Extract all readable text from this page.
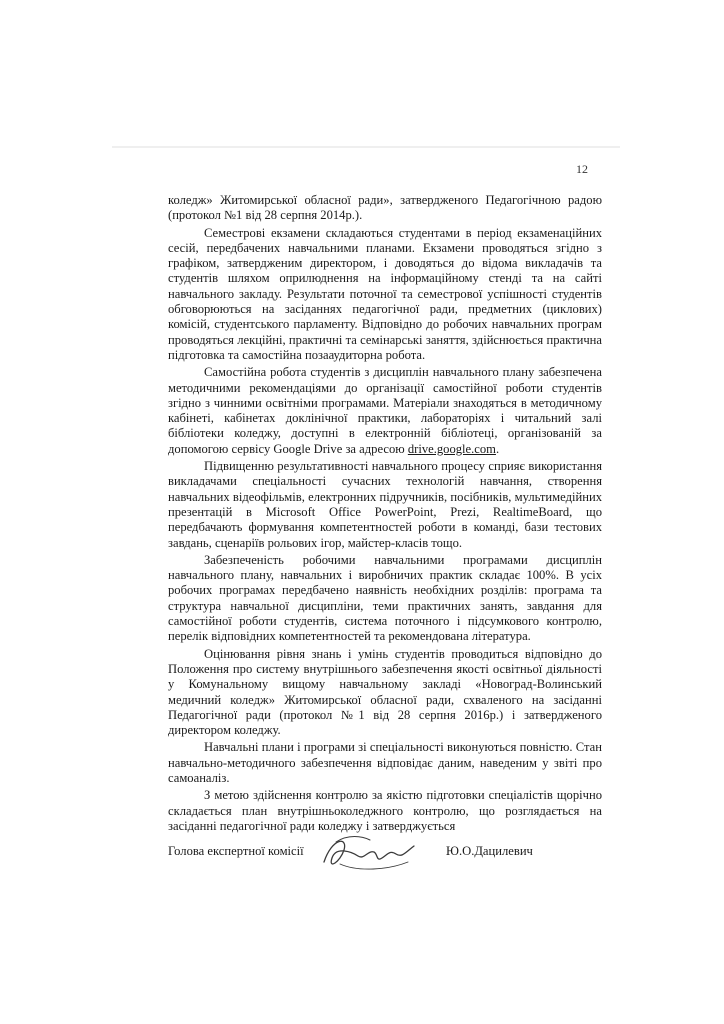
12

коледж» Житомирської обласної ради», затвердженого Педагогічною радою (протокол №1 від 28 серпня 2014р.).

Семестрові екзамени складаються студентами в період екзаменаційних сесій, передбачених навчальними планами. Екзамени проводяться згідно з графіком, затвердженим директором, і доводяться до відома викладачів та студентів шляхом оприлюднення на інформаційному стенді та на сайті навчального закладу. Результати поточної та семестрової успішності студентів обговорюються на засіданнях педагогічної ради, предметних (циклових) комісій, студентського парламенту. Відповідно до робочих навчальних програм проводяться лекційні, практичні та семінарські заняття, здійснюється практична підготовка та самостійна позааудиторна робота.

Самостійна робота студентів з дисциплін навчального плану забезпечена методичними рекомендаціями до організації самостійної роботи студентів згідно з чинними освітніми програмами. Матеріали знаходяться в методичному кабінеті, кабінетах доклінічної практики, лабораторіях і читальний залі бібліотеки коледжу, доступні в електронній бібліотеці, організованій за допомогою сервісу Google Drive за адресою drive.google.com.

Підвищенню результативності навчального процесу сприяє використання викладачами спеціальності сучасних технологій навчання, створення навчальних відеофільмів, електронних підручників, посібників, мультимедійних презентацій в Microsoft Office PowerPoint, Prezi, RealtimeBoard, що передбачають формування компетентностей роботи в команді, бази тестових завдань, сценаріїв рольових ігор, майстер-класів тощо.

Забезпеченість робочими навчальними програмами дисциплін навчального плану, навчальних і виробничих практик складає 100%. В усіх робочих програмах передбачено наявність необхідних розділів: програма та структура навчальної дисципліни, теми практичних занять, завдання для самостійної роботи студентів, система поточного і підсумкового контролю, перелік відповідних компетентностей та рекомендована література.

Оцінювання рівня знань і умінь студентів проводиться відповідно до Положення про систему внутрішнього забезпечення якості освітньої діяльності у Комунальному вищому навчальному закладі «Новоград-Волинський медичний коледж» Житомирської обласної ради, схваленого на засіданні Педагогічної ради (протокол №1 від 28 серпня 2016р.) і затвердженого директором коледжу.

Навчальні плани і програми зі спеціальності виконуються повністю. Стан навчально-методичного забезпечення відповідає даним, наведеним у звіті про самоаналіз.

З метою здійснення контролю за якістю підготовки спеціалістів щорічно складається план внутрішньоколеджного контролю, що розглядається на засіданні педагогічної ради коледжу і затверджується

Голова експертної комісії	Ю.О.Дацилевич
